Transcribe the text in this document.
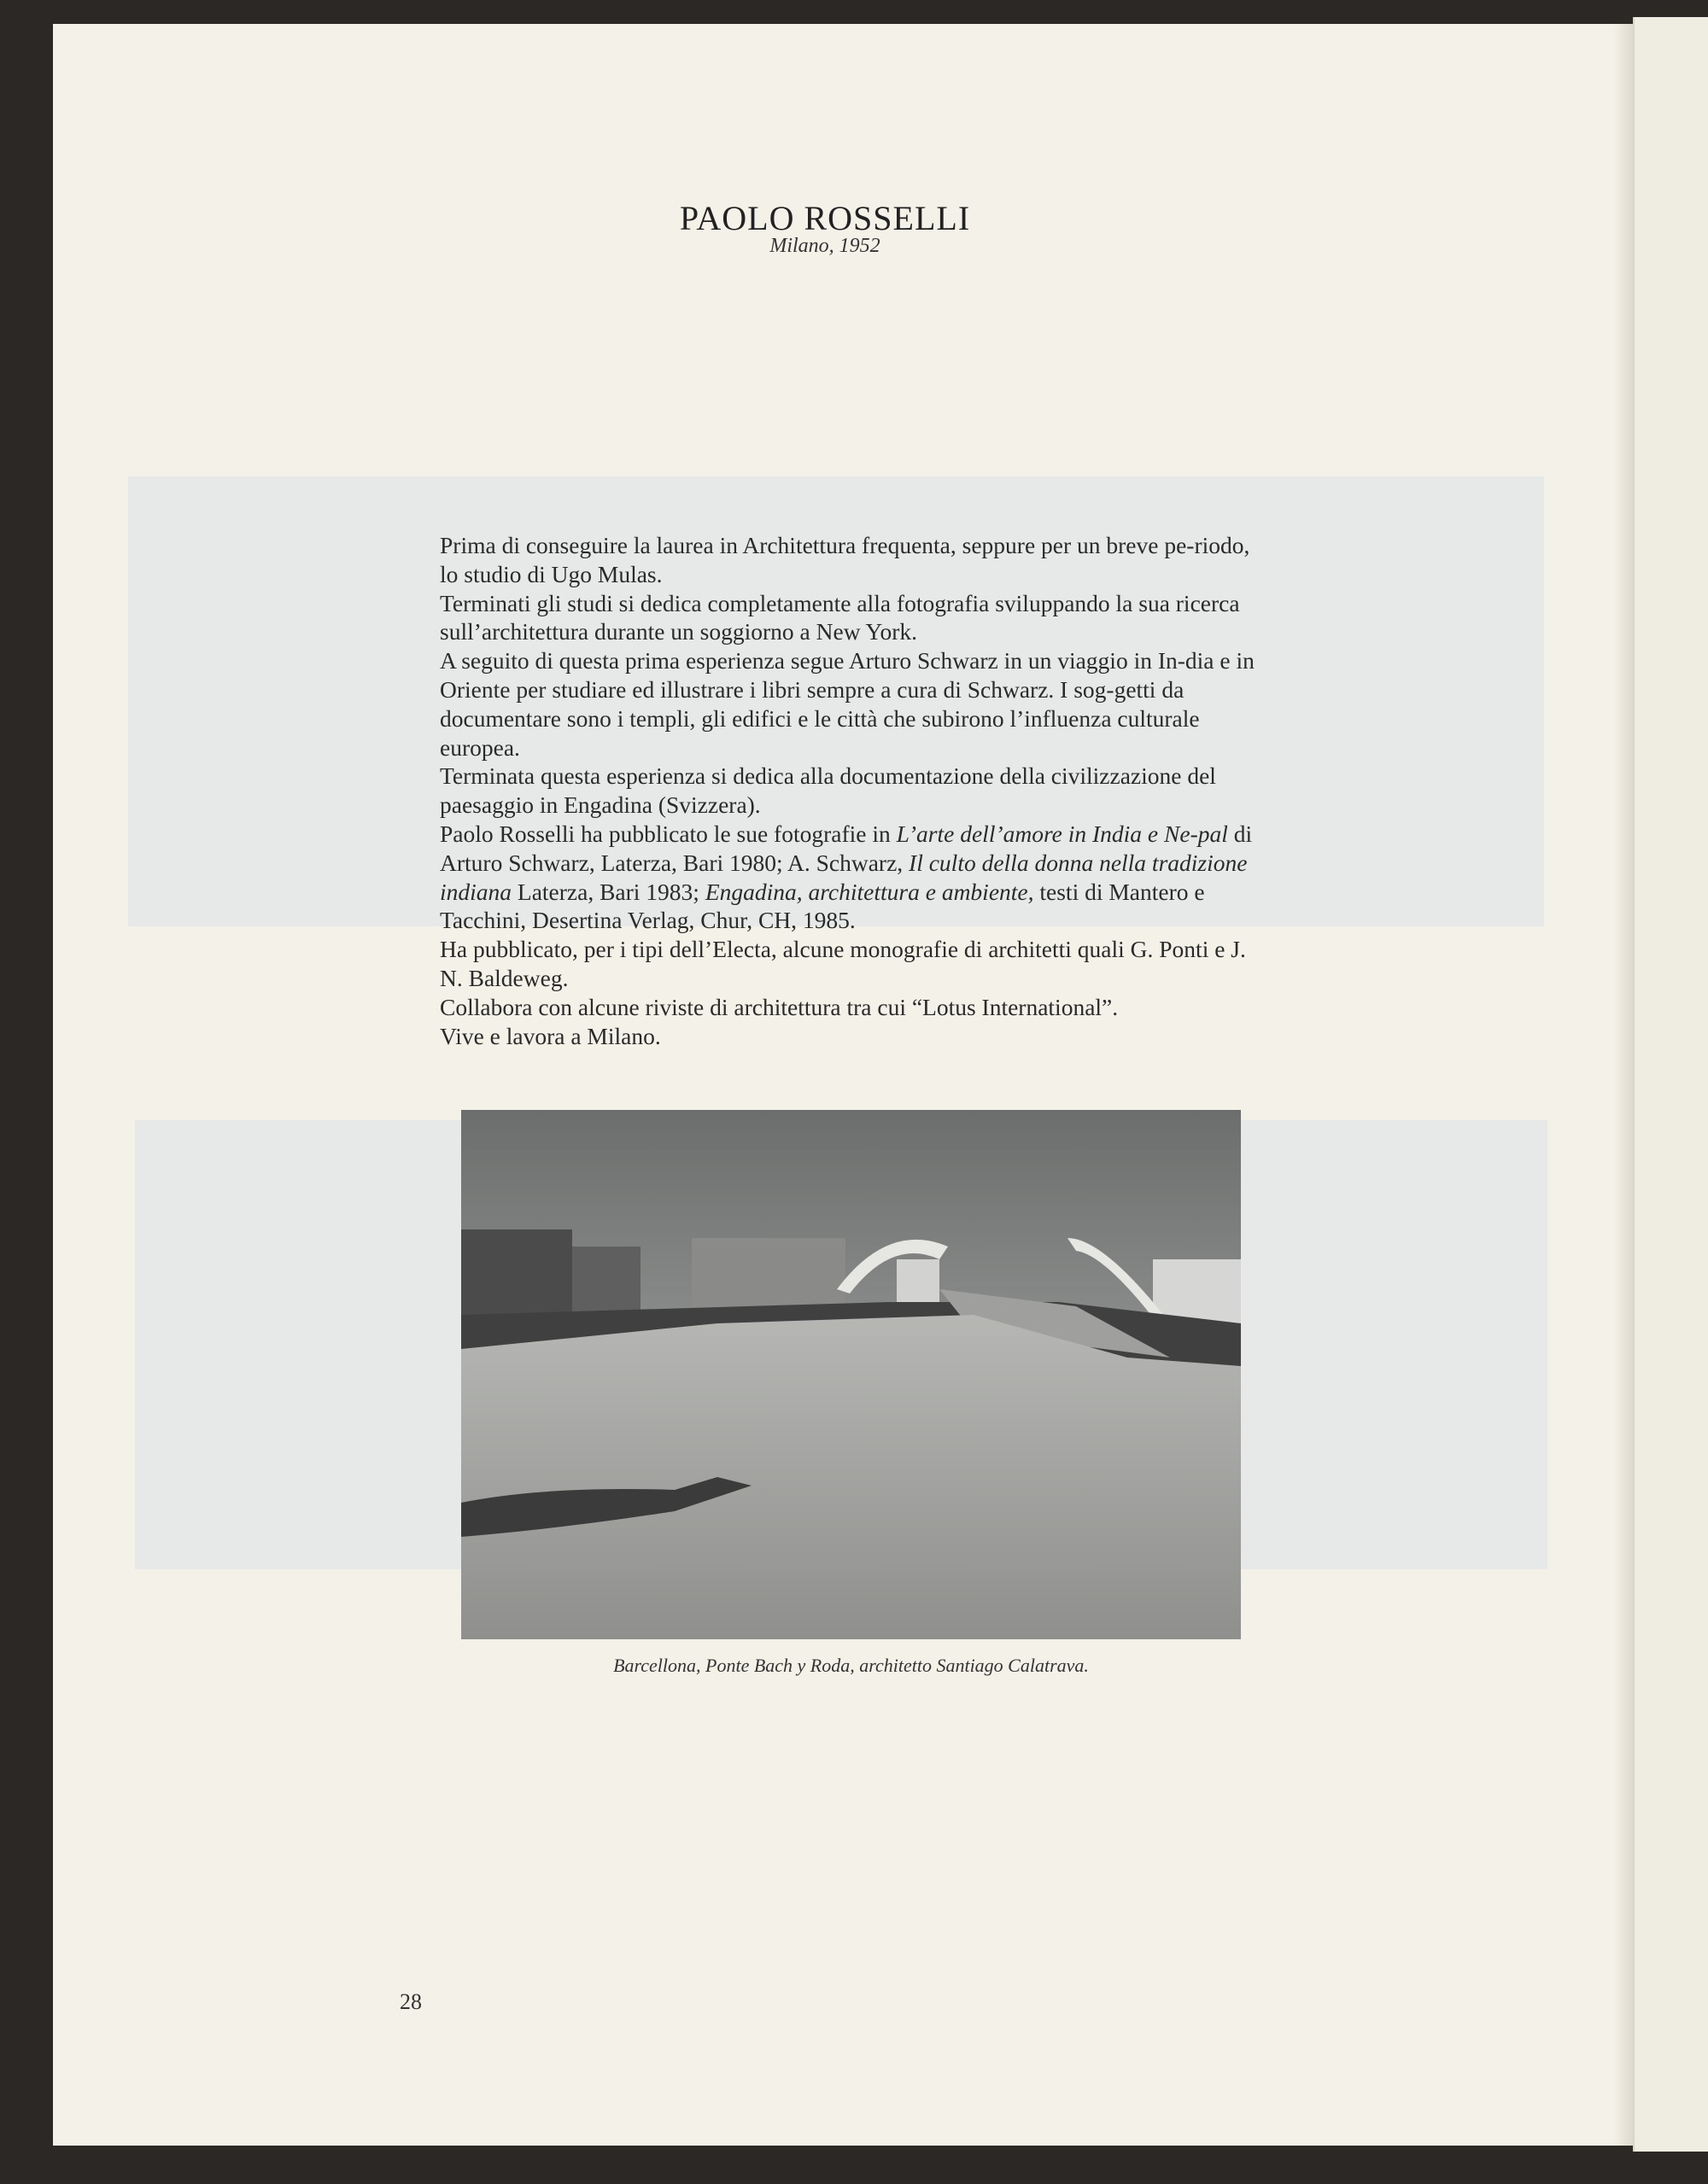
PAOLO ROSSELLI
Milano, 1952

Prima di conseguire la laurea in Architettura frequenta, seppure per un breve pe-riodo, lo studio di Ugo Mulas.

Terminati gli studi si dedica completamente alla fotografia sviluppando la sua ricerca sull’architettura durante un soggiorno a New York.

A seguito di questa prima esperienza segue Arturo Schwarz in un viaggio in In-dia e in Oriente per studiare ed illustrare i libri sempre a cura di Schwarz. I sog-getti da documentare sono i templi, gli edifici e le città che subirono l’influenza culturale europea.

Terminata questa esperienza si dedica alla documentazione della civilizzazione del paesaggio in Engadina (Svizzera).

Paolo Rosselli ha pubblicato le sue fotografie in L’arte dell’amore in India e Ne-pal di Arturo Schwarz, Laterza, Bari 1980; A. Schwarz, Il culto della donna nella tradizione indiana Laterza, Bari 1983; Engadina, architettura e ambiente, testi di Mantero e Tacchini, Desertina Verlag, Chur, CH, 1985.

Ha pubblicato, per i tipi dell’Electa, alcune monografie di architetti quali G. Ponti e J. N. Baldeweg.

Collabora con alcune riviste di architettura tra cui “Lotus International”.

Vive e lavora a Milano.

Barcellona, Ponte Bach y Roda, architetto Santiago Calatrava.
28
